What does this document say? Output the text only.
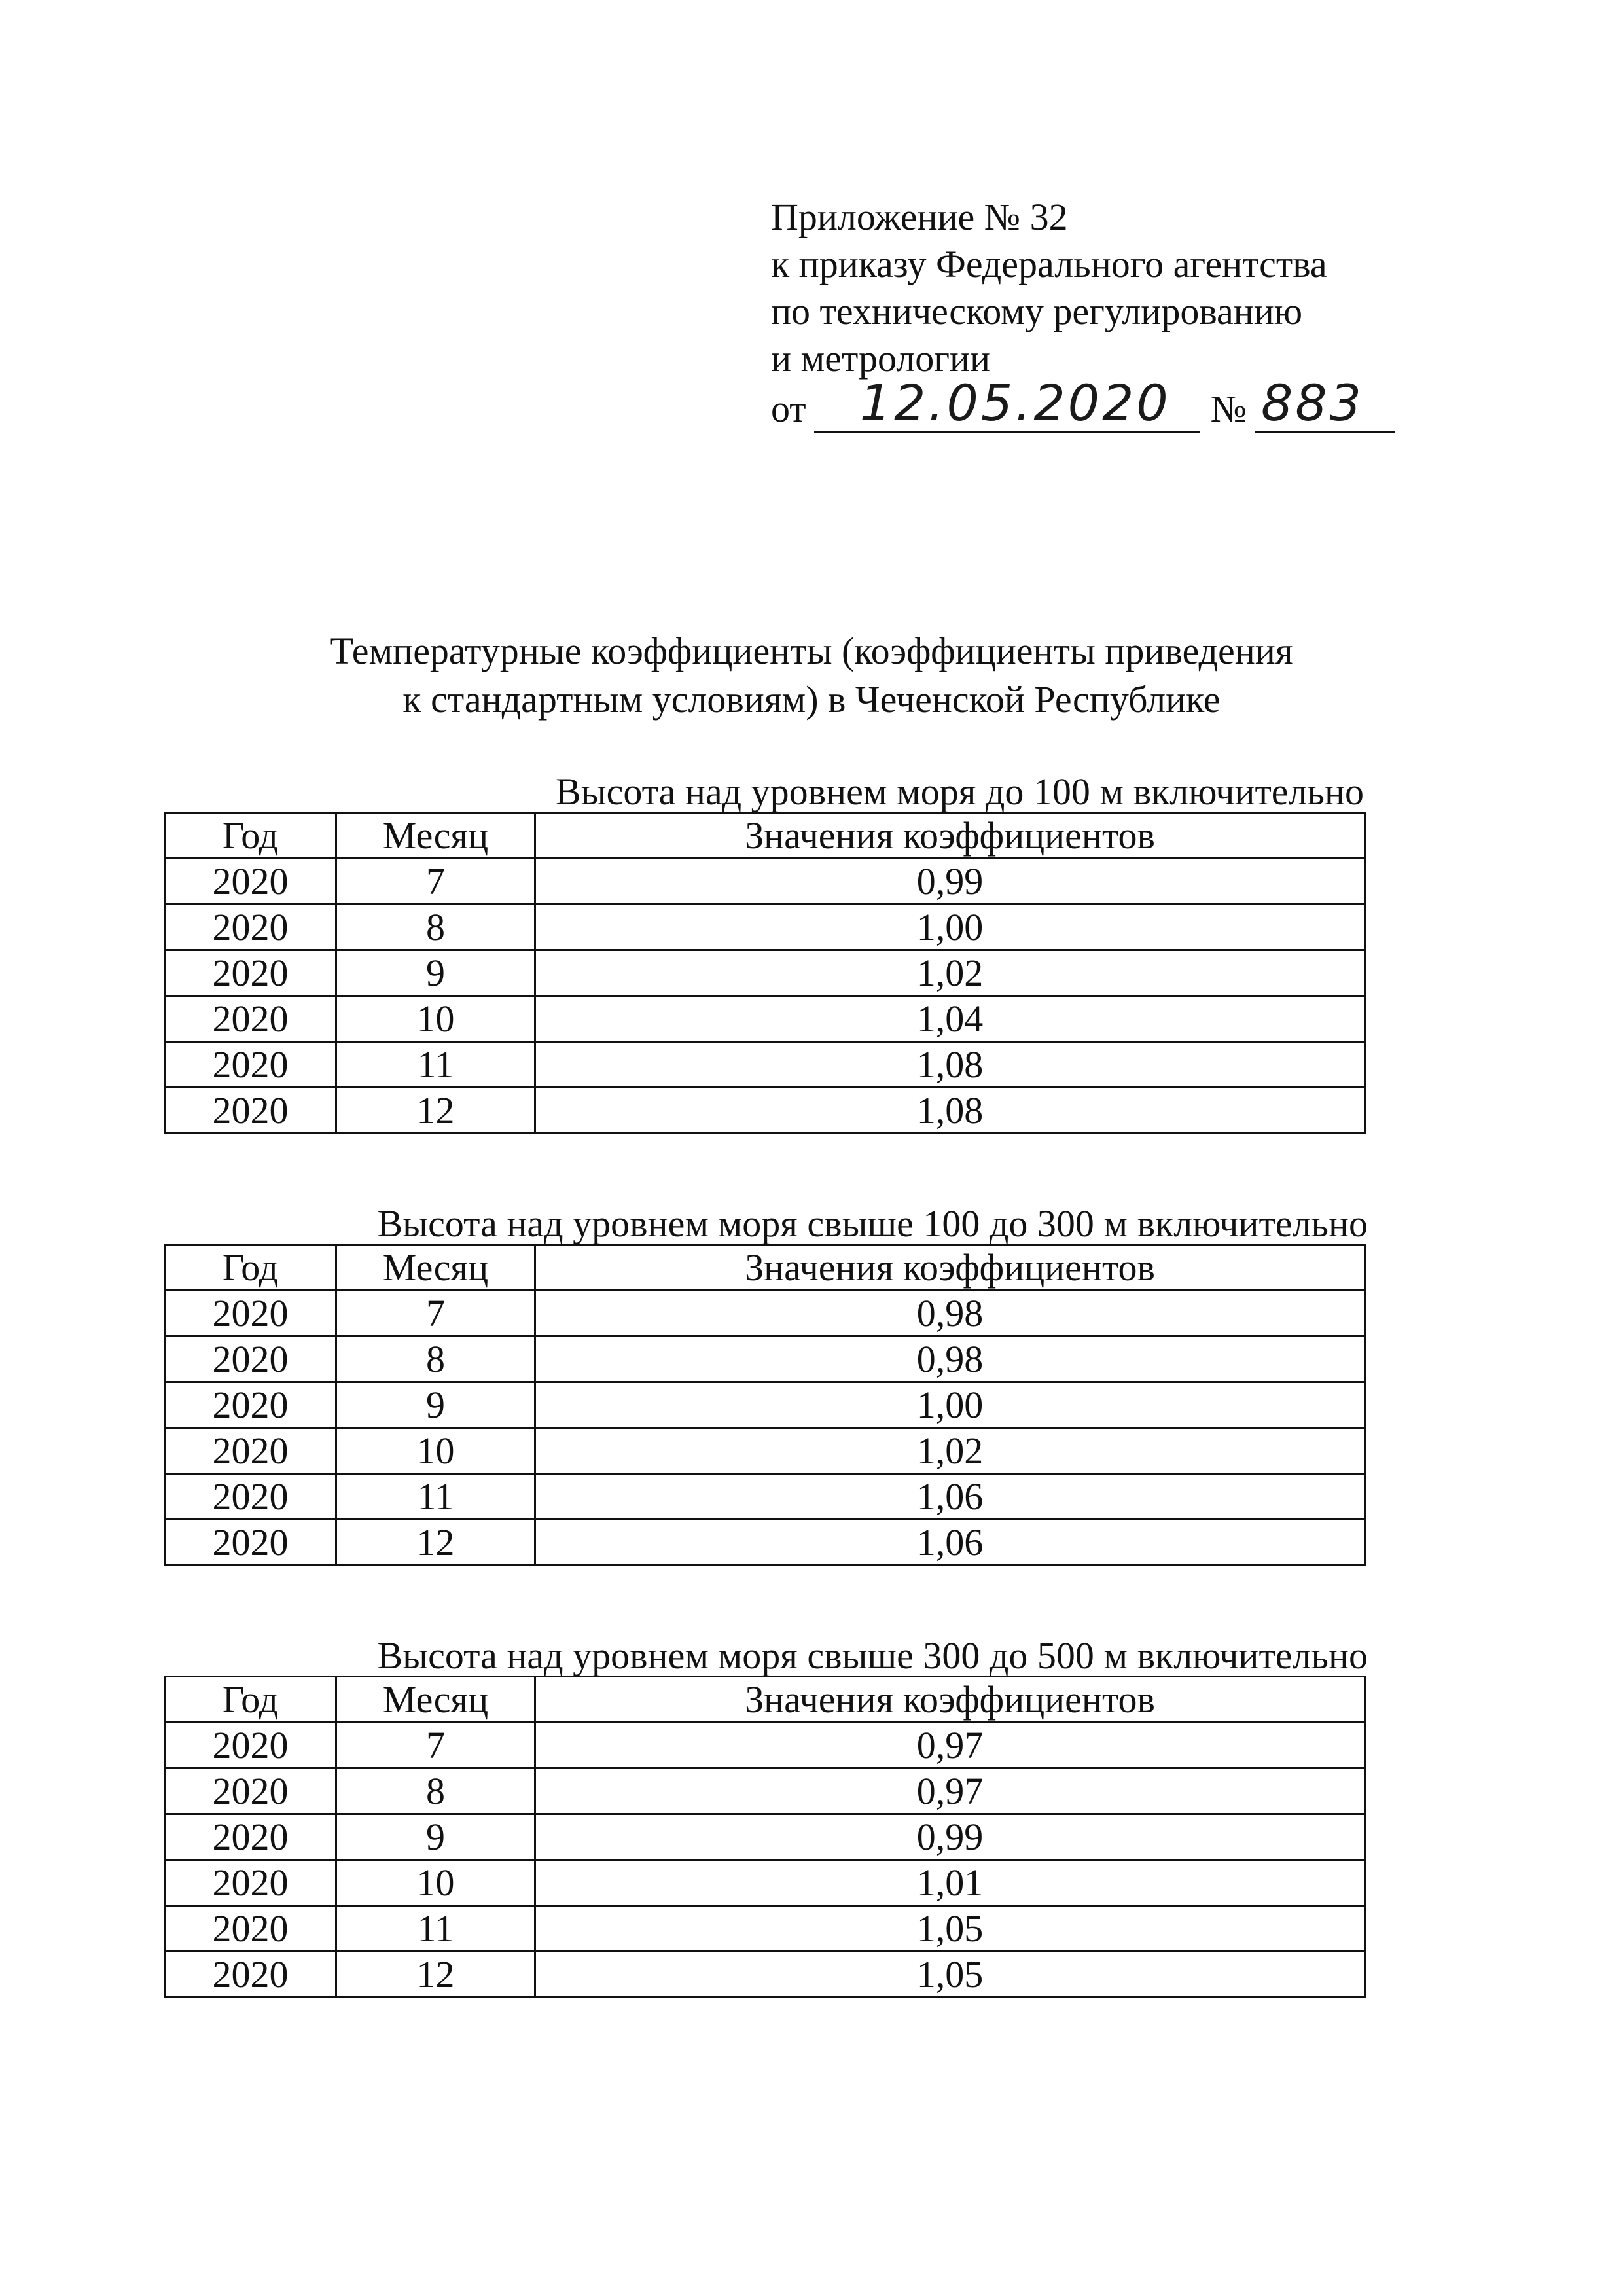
Приложение № 32
к приказу Федерального агентства
по техническому регулированию
и метрологии
от 12.05.2020 № 883
Температурные коэффициенты (коэффициенты приведения
к стандартным условиям) в Чеченской Республике
Высота над уровнем моря до 100 м включительно
Год	Месяц	Значения коэффициентов
2020	7	0,99
2020	8	1,00
2020	9	1,02
2020	10	1,04
2020	11	1,08
2020	12	1,08
Высота над уровнем моря свыше 100 до 300 м включительно
Год	Месяц	Значения коэффициентов
2020	7	0,98
2020	8	0,98
2020	9	1,00
2020	10	1,02
2020	11	1,06
2020	12	1,06
Высота над уровнем моря свыше 300 до 500 м включительно
Год	Месяц	Значения коэффициентов
2020	7	0,97
2020	8	0,97
2020	9	0,99
2020	10	1,01
2020	11	1,05
2020	12	1,05
